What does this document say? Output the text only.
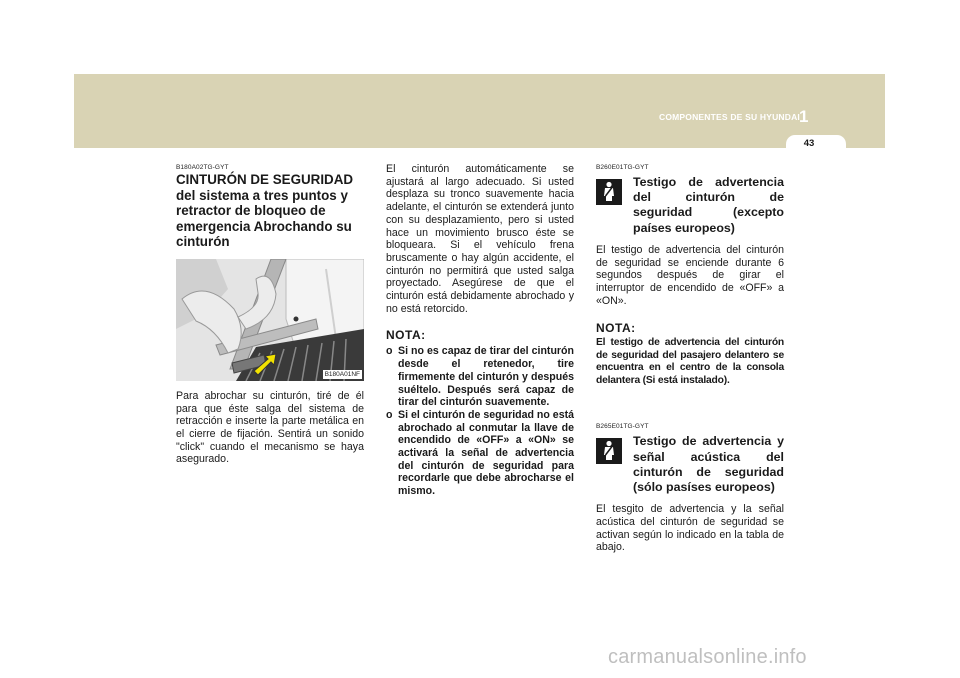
COMPONENTES DE SU HYUNDAI 1
43
B180A02TG-GYT
CINTURÓN DE SEGURIDAD del sistema a tres puntos y retractor de bloqueo de emergencia Abrochando su cinturón
B180A01NF

Para abrochar su cinturón, tiré de él para que éste salga del sistema de retracción e inserte la parte metálica en el cierre de fijación. Sentirá un sonido "click" cuando el mecanismo se haya asegurado.

El cinturón automáticamente se ajustará al largo adecuado. Si usted desplaza su tronco suavemente hacia adelante, el cinturón se extenderá junto con su desplazamiento, pero si usted hace un movimiento brusco éste se bloqueara. Si el vehículo frena bruscamente o hay algún accidente, el cinturón no permitirá que usted salga proyectado. Asegúrese de que el cinturón está debidamente abrochado y no está retorcido.

NOTA:
o Si no es capaz de tirar del cinturón desde el retenedor, tire firmemente del cinturón y después suéltelo. Después será capaz de tirar del cinturón suavemente.
o Si el cinturón de seguridad no está abrochado al conmutar la llave de encendido de «OFF» a «ON» se activará la señal de advertencia del cinturón de seguridad para recordarle que debe abrocharse el mismo.
B260E01TG-GYT
Testigo de advertencia del cinturón de seguridad (excepto países europeos)

El testigo de advertencia del cinturón de seguridad se enciende durante 6 segundos después de girar el interruptor de encendido de «OFF» a «ON».

NOTA:

El testigo de advertencia del cinturón de seguridad del pasajero delantero se encuentra en el centro de la consola delantera (Si está instalado).

B265E01TG-GYT
Testigo de advertencia y señal acústica del cinturón de seguridad (sólo pasíses europeos)

El tesgito de advertencia y la señal acústica del cinturón de seguridad se activan según lo indicado en la tabla de abajo.

carmanualsonline.info
